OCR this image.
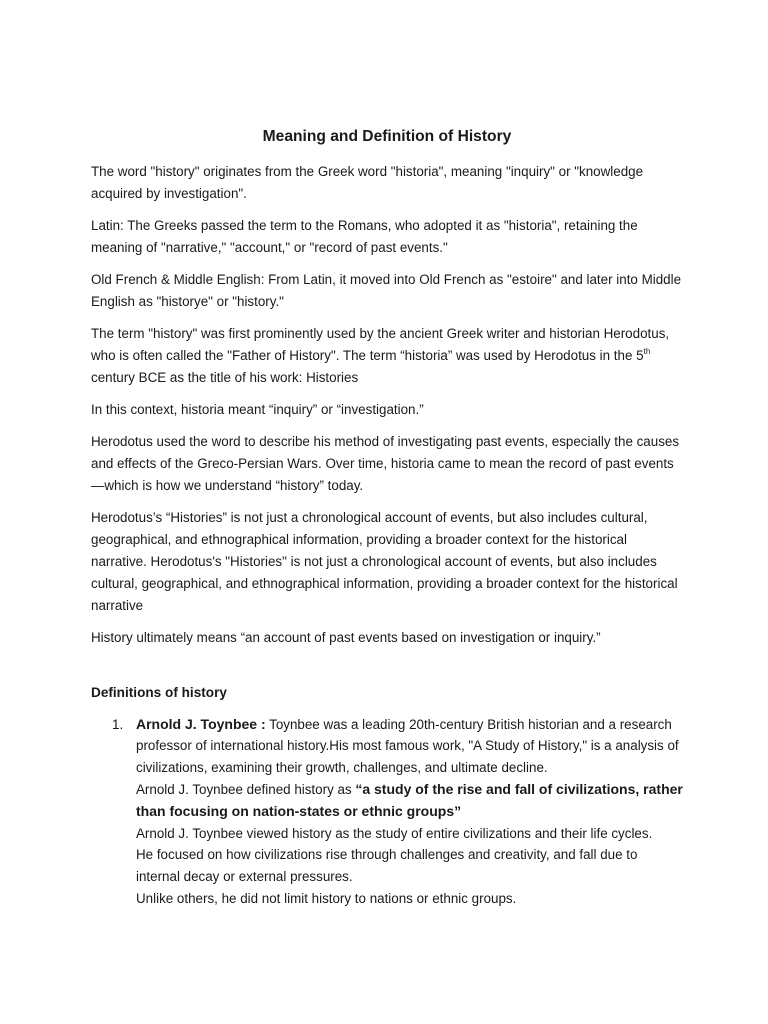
Meaning and Definition of History

The word "history" originates from the Greek word "historia", meaning "inquiry" or "knowledge acquired by investigation".

Latin: The Greeks passed the term to the Romans, who adopted it as "historia", retaining the meaning of "narrative," "account," or "record of past events."

Old French & Middle English: From Latin, it moved into Old French as "estoire" and later into Middle English as "historye" or "history."

The term "history" was first prominently used by the ancient Greek writer and historian Herodotus, who is often called the "Father of History". The term “historia” was used by Herodotus in the 5th century BCE as the title of his work: Histories

In this context, historia meant “inquiry” or “investigation.”

Herodotus used the word to describe his method of investigating past events, especially the causes and effects of the Greco-Persian Wars. Over time, historia came to mean the record of past events—which is how we understand “history” today.

Herodotus’s “Histories” is not just a chronological account of events, but also includes cultural, geographical, and ethnographical information, providing a broader context for the historical narrative. Herodotus's "Histories" is not just a chronological account of events, but also includes cultural, geographical, and ethnographical information, providing a broader context for the historical narrative

History ultimately means “an account of past events based on investigation or inquiry.”

Definitions of history
1. Arnold J. Toynbee : Toynbee was a leading 20th-century British historian and a research professor of international history.His most famous work, "A Study of History," is a analysis of civilizations, examining their growth, challenges, and ultimate decline.
Arnold J. Toynbee defined history as “a study of the rise and fall of civilizations, rather than focusing on nation-states or ethnic groups”
Arnold J. Toynbee viewed history as the study of entire civilizations and their life cycles.
He focused on how civilizations rise through challenges and creativity, and fall due to internal decay or external pressures.
Unlike others, he did not limit history to nations or ethnic groups.
